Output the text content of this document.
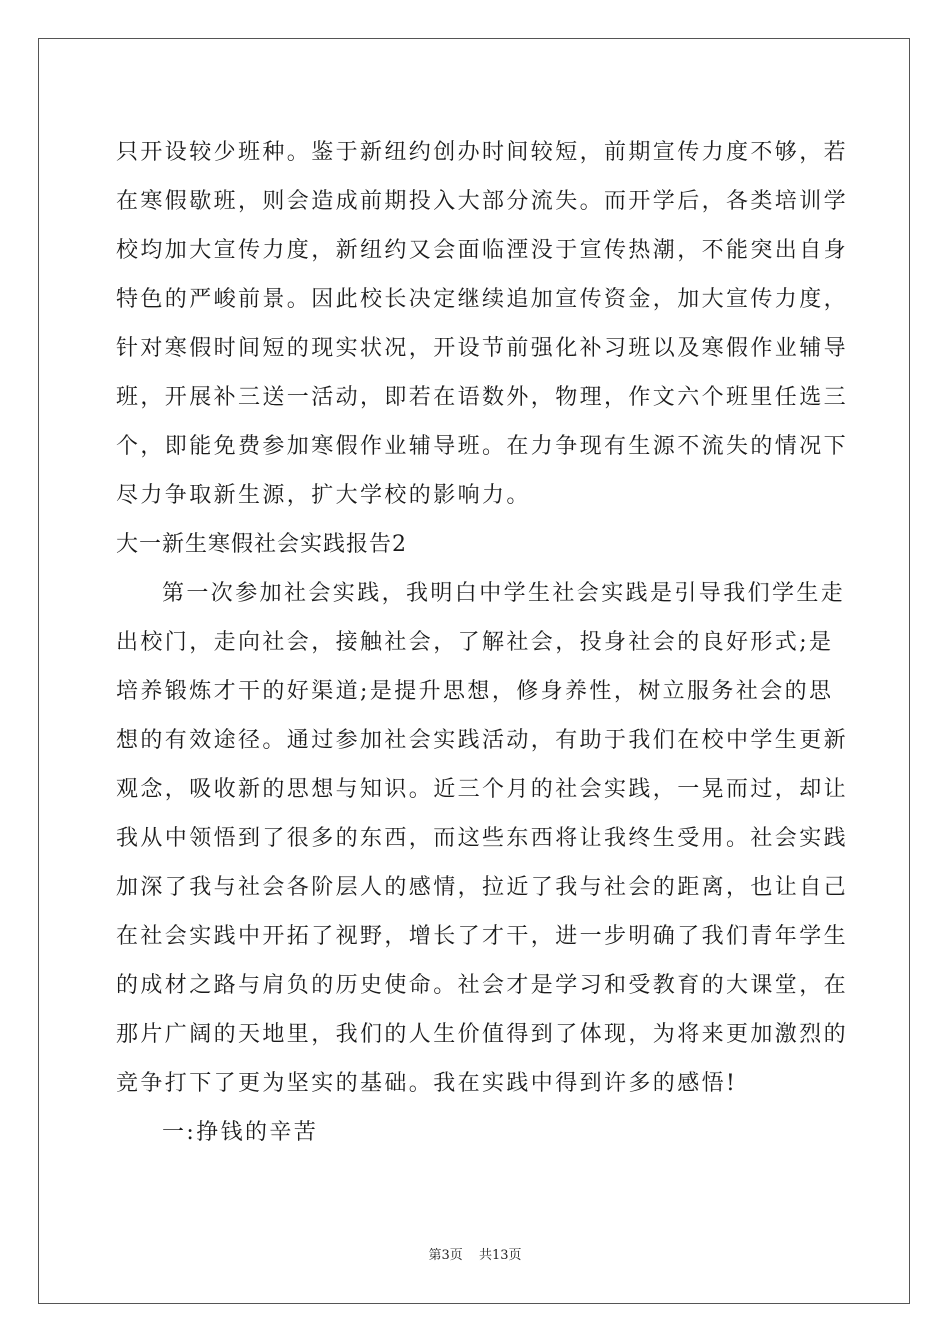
只开设较少班种。鉴于新纽约创办时间较短，前期宣传力度不够，若
在寒假歇班，则会造成前期投入大部分流失。而开学后，各类培训学
校均加大宣传力度，新纽约又会面临湮没于宣传热潮，不能突出自身
特色的严峻前景。因此校长决定继续追加宣传资金，加大宣传力度，
针对寒假时间短的现实状况，开设节前强化补习班以及寒假作业辅导
班，开展补三送一活动，即若在语数外，物理，作文六个班里任选三
个，即能免费参加寒假作业辅导班。在力争现有生源不流失的情况下
尽力争取新生源，扩大学校的影响力。
大一新生寒假社会实践报告2
第一次参加社会实践，我明白中学生社会实践是引导我们学生走
出校门，走向社会，接触社会，了解社会，投身社会的良好形式;是
培养锻炼才干的好渠道;是提升思想，修身养性，树立服务社会的思
想的有效途径。通过参加社会实践活动，有助于我们在校中学生更新
观念，吸收新的思想与知识。近三个月的社会实践，一晃而过，却让
我从中领悟到了很多的东西，而这些东西将让我终生受用。社会实践
加深了我与社会各阶层人的感情，拉近了我与社会的距离，也让自己
在社会实践中开拓了视野，增长了才干，进一步明确了我们青年学生
的成材之路与肩负的历史使命。社会才是学习和受教育的大课堂，在
那片广阔的天地里，我们的人生价值得到了体现，为将来更加激烈的
竞争打下了更为坚实的基础。我在实践中得到许多的感悟!
一:挣钱的辛苦
第3页 共13页
